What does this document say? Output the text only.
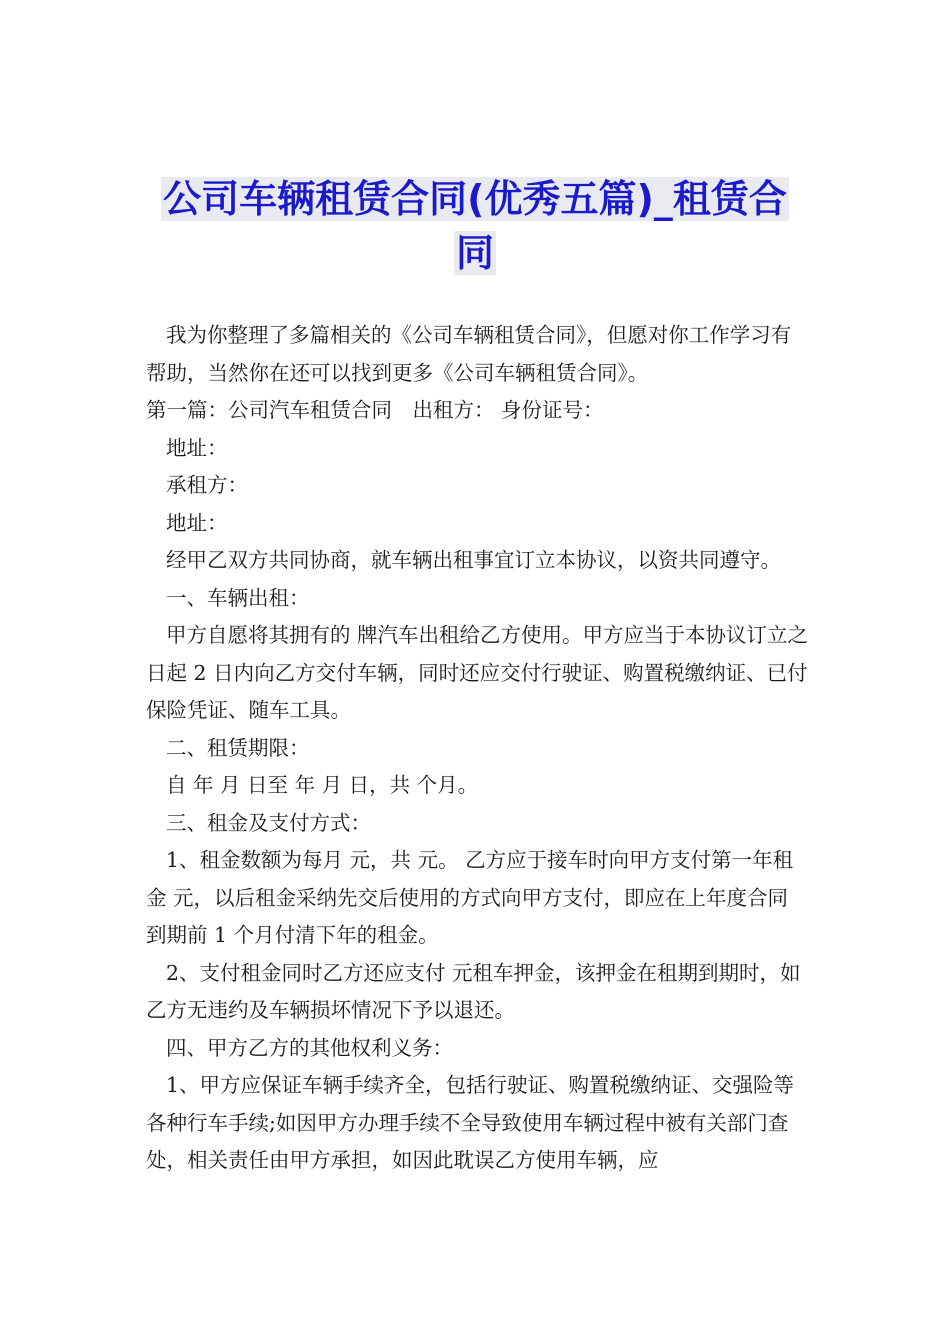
公司车辆租赁合同(优秀五篇)_租赁合同

我为你整理了多篇相关的《公司车辆租赁合同》，但愿对你工作学习有帮助，当然你在还可以找到更多《公司车辆租赁合同》。

第一篇：公司汽车租赁合同　出租方： 身份证号：

地址：

承租方：

地址：

经甲乙双方共同协商，就车辆出租事宜订立本协议，以资共同遵守。

一、车辆出租：

甲方自愿将其拥有的 牌汽车出租给乙方使用。甲方应当于本协议订立之日起 2 日内向乙方交付车辆，同时还应交付行驶证、购置税缴纳证、已付保险凭证、随车工具。

二、租赁期限：

自 年 月 日至 年 月 日，共 个月。

三、租金及支付方式：

1、租金数额为每月 元，共 元。 乙方应于接车时向甲方支付第一年租金 元，以后租金采纳先交后使用的方式向甲方支付，即应在上年度合同到期前 1 个月付清下年的租金。

2、支付租金同时乙方还应支付 元租车押金，该押金在租期到期时，如乙方无违约及车辆损坏情况下予以退还。

四、甲方乙方的其他权利义务：

1、甲方应保证车辆手续齐全，包括行驶证、购置税缴纳证、交强险等各种行车手续;如因甲方办理手续不全导致使用车辆过程中被有关部门查处，相关责任由甲方承担，如因此耽误乙方使用车辆，应
